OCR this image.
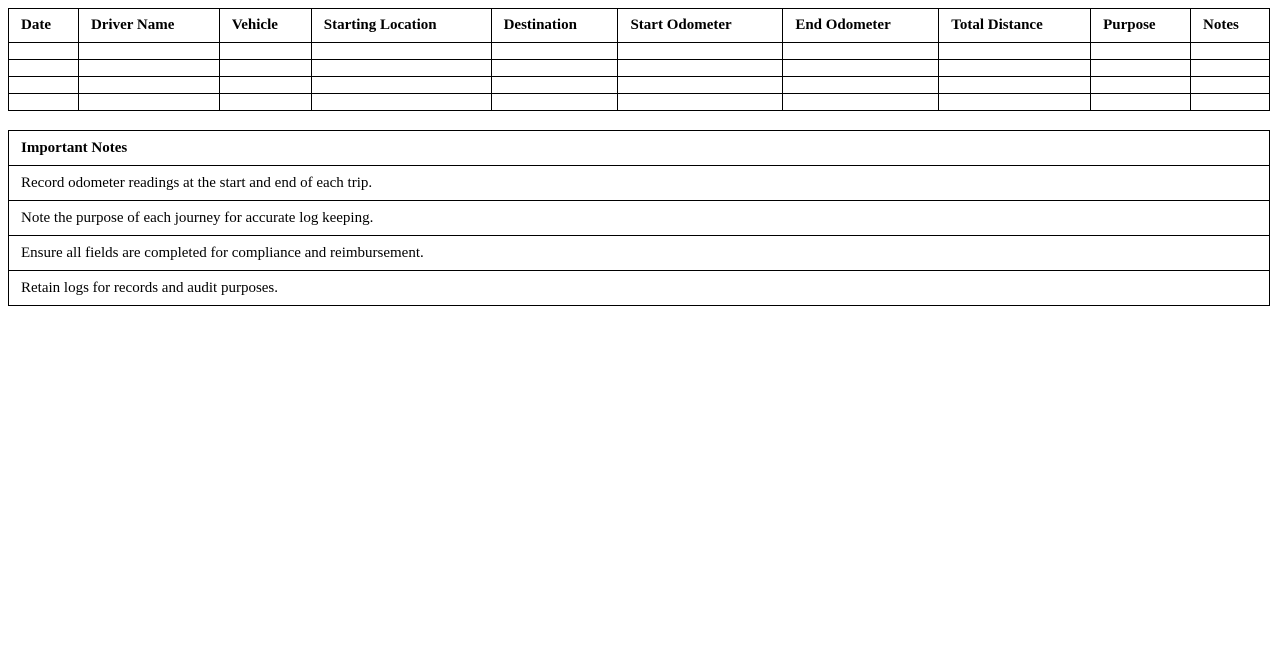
Date	Driver Name	Vehicle	Starting Location	Destination	Start Odometer	End Odometer	Total Distance	Purpose	Notes

Important Notes
Record odometer readings at the start and end of each trip.
Note the purpose of each journey for accurate log keeping.
Ensure all fields are completed for compliance and reimbursement.
Retain logs for records and audit purposes.
